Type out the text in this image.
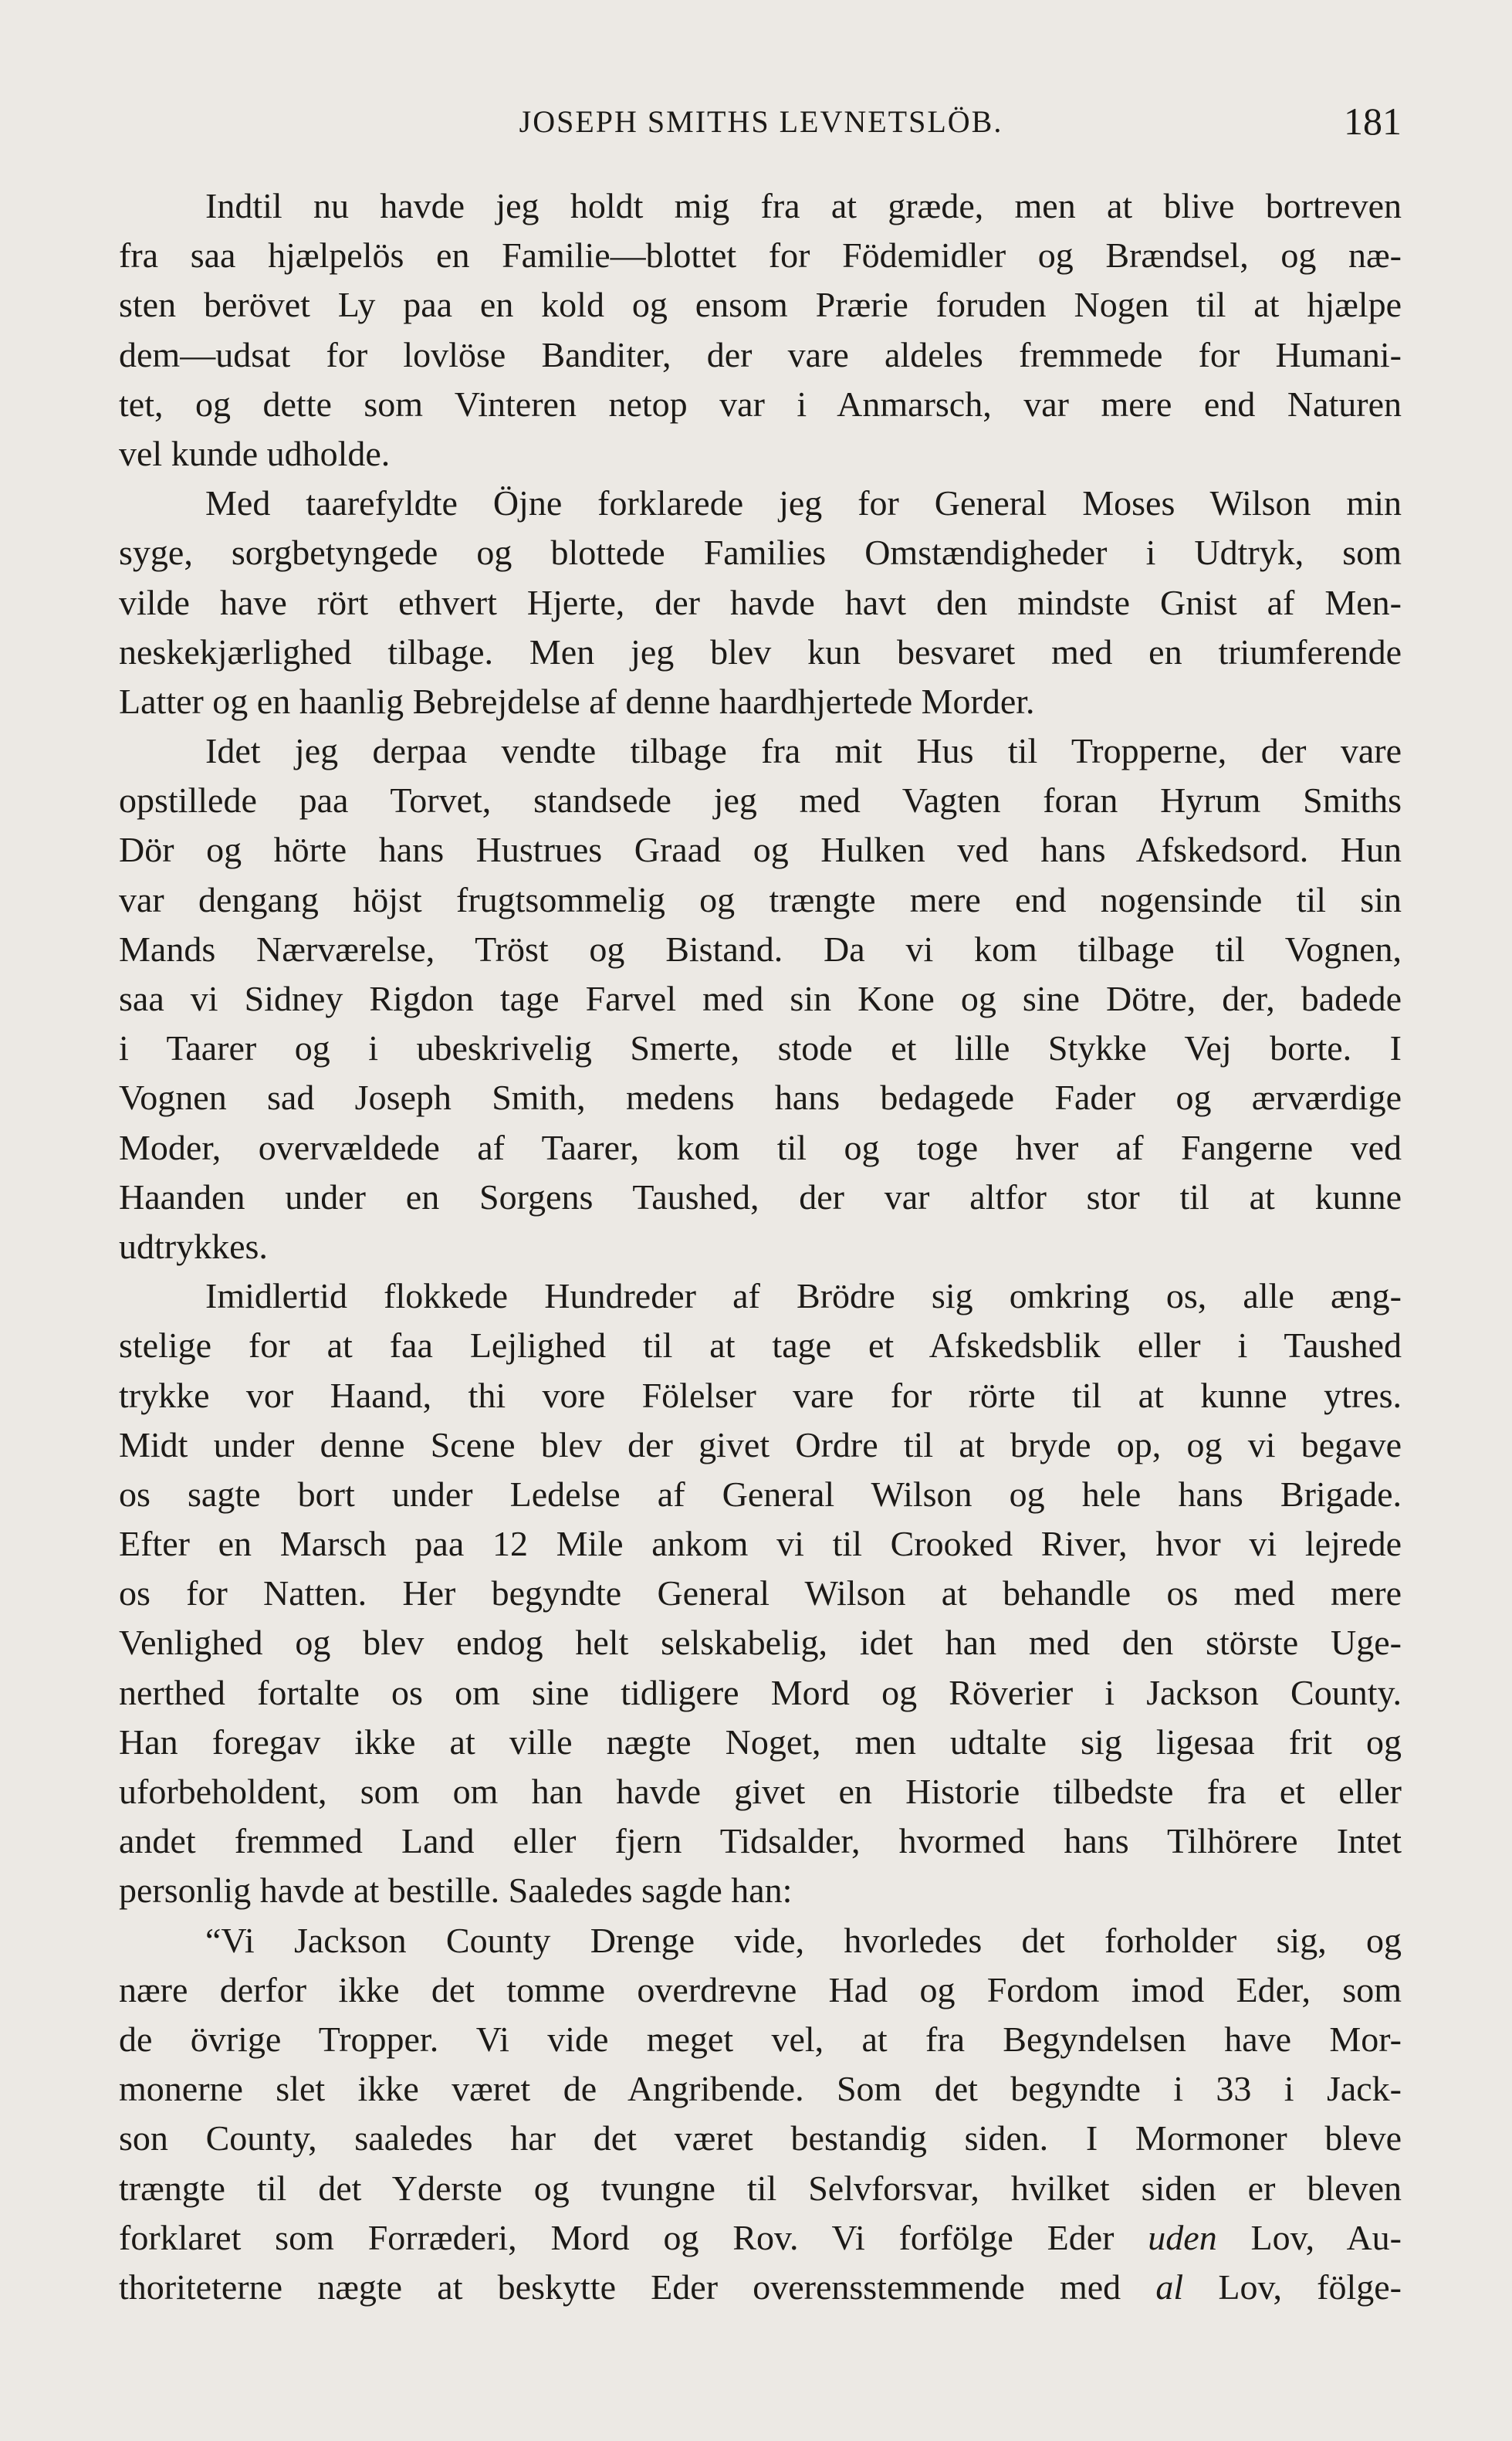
JOSEPH SMITHS LEVNETSLÖB.	181
Indtil nu havde jeg holdt mig fra at græde, men at blive bortreven
fra saa hjælpelös en Familie—blottet for Födemidler og Brændsel, og næ-
sten berövet Ly paa en kold og ensom Prærie foruden Nogen til at hjælpe
dem—udsat for lovlöse Banditer, der vare aldeles fremmede for Humani-
tet, og dette som Vinteren netop var i Anmarsch, var mere end Naturen
vel kunde udholde.
Med taarefyldte Öjne forklarede jeg for General Moses Wilson min
syge, sorgbetyngede og blottede Families Omstændigheder i Udtryk, som
vilde have rört ethvert Hjerte, der havde havt den mindste Gnist af Men-
neskekjærlighed tilbage. Men jeg blev kun besvaret med en triumferende
Latter og en haanlig Bebrejdelse af denne haardhjertede Morder.
Idet jeg derpaa vendte tilbage fra mit Hus til Tropperne, der vare
opstillede paa Torvet, standsede jeg med Vagten foran Hyrum Smiths
Dör og hörte hans Hustrues Graad og Hulken ved hans Afskedsord. Hun
var dengang höjst frugtsommelig og trængte mere end nogensinde til sin
Mands Nærværelse, Tröst og Bistand. Da vi kom tilbage til Vognen,
saa vi Sidney Rigdon tage Farvel med sin Kone og sine Dötre, der, badede
i Taarer og i ubeskrivelig Smerte, stode et lille Stykke Vej borte. I
Vognen sad Joseph Smith, medens hans bedagede Fader og ærværdige
Moder, overvældede af Taarer, kom til og toge hver af Fangerne ved
Haanden under en Sorgens Taushed, der var altfor stor til at kunne
udtrykkes.
Imidlertid flokkede Hundreder af Brödre sig omkring os, alle æng-
stelige for at faa Lejlighed til at tage et Afskedsblik eller i Taushed
trykke vor Haand, thi vore Fölelser vare for rörte til at kunne ytres.
Midt under denne Scene blev der givet Ordre til at bryde op, og vi begave
os sagte bort under Ledelse af General Wilson og hele hans Brigade.
Efter en Marsch paa 12 Mile ankom vi til Crooked River, hvor vi lejrede
os for Natten. Her begyndte General Wilson at behandle os med mere
Venlighed og blev endog helt selskabelig, idet han med den störste Uge-
nerthed fortalte os om sine tidligere Mord og Röverier i Jackson County.
Han foregav ikke at ville nægte Noget, men udtalte sig ligesaa frit og
uforbeholdent, som om han havde givet en Historie tilbedste fra et eller
andet fremmed Land eller fjern Tidsalder, hvormed hans Tilhörere Intet
personlig havde at bestille. Saaledes sagde han:
“Vi Jackson County Drenge vide, hvorledes det forholder sig, og
nære derfor ikke det tomme overdrevne Had og Fordom imod Eder, som
de övrige Tropper. Vi vide meget vel, at fra Begyndelsen have Mor-
monerne slet ikke været de Angribende. Som det begyndte i 33 i Jack-
son County, saaledes har det været bestandig siden. I Mormoner bleve
trængte til det Yderste og tvungne til Selvforsvar, hvilket siden er bleven
forklaret som Forræderi, Mord og Rov. Vi forfölge Eder uden Lov, Au-
thoriteterne nægte at beskytte Eder overensstemmende med al Lov, fölge-
